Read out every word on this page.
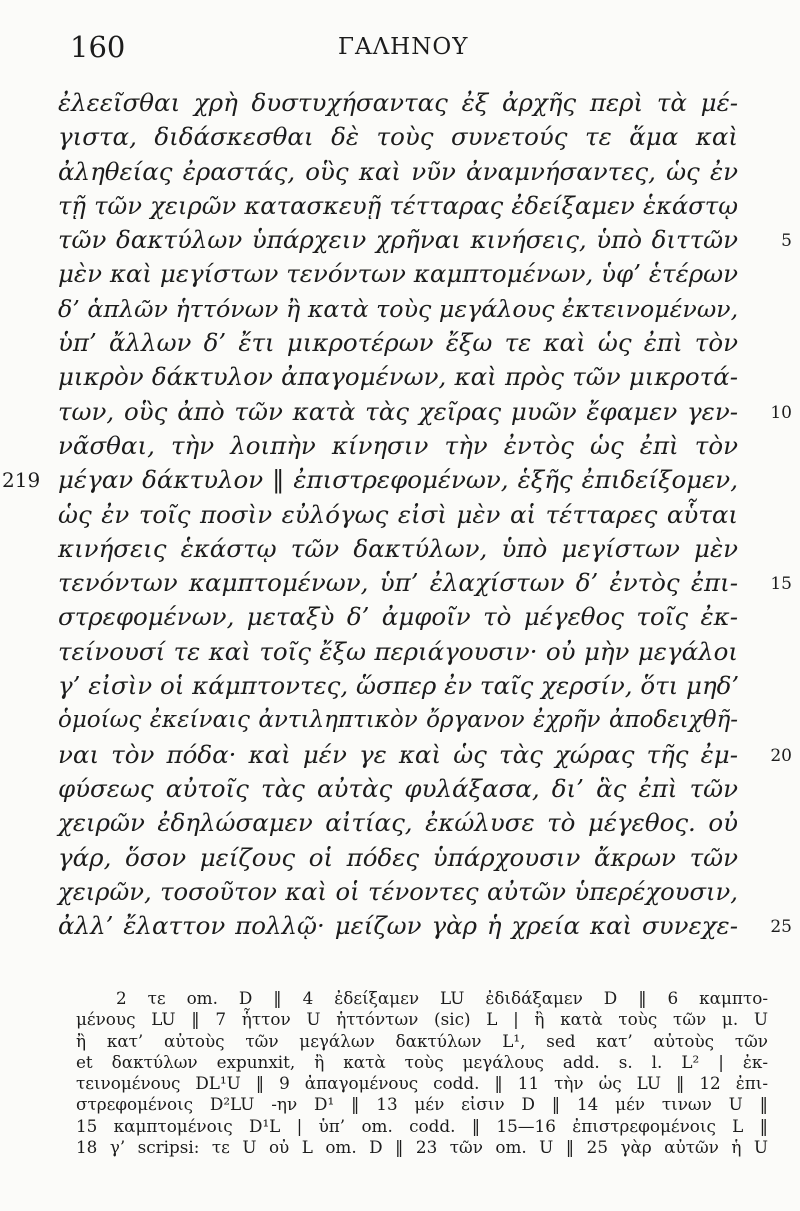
160	ΓΑΛΗΝΟΥ
ἐλεεῖσθαι χρὴ δυστυχήσαντας ἐξ ἀρχῆς περὶ τὰ μέ-
γιστα, διδάσκεσθαι δὲ τοὺς συνετούς τε ἅμα καὶ
ἀληθείας ἐραστάς, οὓς καὶ νῦν ἀναμνήσαντες, ὡς ἐν
τῇ τῶν χειρῶν κατασκευῇ τέτταρας ἐδείξαμεν ἑκάστῳ
τῶν δακτύλων ὑπάρχειν χρῆναι κινήσεις, ὑπὸ διττῶν	5
μὲν καὶ μεγίστων τενόντων καμπτομένων, ὑφ’ ἑτέρων
δ’ ἁπλῶν ἡττόνων ἢ κατὰ τοὺς μεγάλους ἐκτεινομένων,
ὑπ’ ἄλλων δ’ ἔτι μικροτέρων ἔξω τε καὶ ὡς ἐπὶ τὸν
μικρὸν δάκτυλον ἀπαγομένων, καὶ πρὸς τῶν μικροτά-
των, οὓς ἀπὸ τῶν κατὰ τὰς χεῖρας μυῶν ἔφαμεν γεν- 10
νᾶσθαι, τὴν λοιπὴν κίνησιν τὴν ἐντὸς ὡς ἐπὶ τὸν
μέγαν δάκτυλον ‖ ἐπιστρεφομένων, ἑξῆς ἐπιδείξομεν,
219
ὡς ἐν τοῖς ποσὶν εὐλόγως εἰσὶ μὲν αἱ τέτταρες αὗται
κινήσεις ἑκάστῳ τῶν δακτύλων, ὑπὸ μεγίστων μὲν
τενόντων καμπτομένων, ὑπ’ ἐλαχίστων δ’ ἐντὸς ἐπι- 15
στρεφομένων, μεταξὺ δ’ ἀμφοῖν τὸ μέγεθος τοῖς ἐκ-
τείνουσί τε καὶ τοῖς ἔξω περιάγουσιν· οὐ μὴν μεγάλοι
γ’ εἰσὶν οἱ κάμπτοντες, ὥσπερ ἐν ταῖς χερσίν, ὅτι μηδ’
ὁμοίως ἐκείναις ἀντιληπτικὸν ὄργανον ἐχρῆν ἀποδειχθῆ-
ναι τὸν πόδα· καὶ μέν γε καὶ ὡς τὰς χώρας τῆς ἐμ- 20
φύσεως αὐτοῖς τὰς αὐτὰς φυλάξασα, δι’ ἃς ἐπὶ τῶν
χειρῶν ἐδηλώσαμεν αἰτίας, ἐκώλυσε τὸ μέγεθος. οὐ
γάρ, ὅσον μείζους οἱ πόδες ὑπάρχουσιν ἄκρων τῶν
χειρῶν, τοσοῦτον καὶ οἱ τένοντες αὐτῶν ὑπερέχουσιν,
ἀλλ’ ἔλαττον πολλῷ· μείζων γὰρ ἡ χρεία καὶ συνεχε- 25
2 τε om. D ‖ 4 ἐδείξαμεν LU ἐδιδάξαμεν D ‖ 6 καμπτο-
μένους LU ‖ 7 ἧττον U ἡττόντων (sic) L | ἢ κατὰ τοὺς τῶν μ. U
ἢ κατ’ αὐτοὺς τῶν μεγάλων δακτύλων L¹, sed κατ’ αὐτοὺς τῶν
et δακτύλων expunxit, ἢ κατὰ τοὺς μεγάλους add. s. l. L² | ἐκ-
τεινομένους DL¹U ‖ 9 ἀπαγομένους codd. ‖ 11 τὴν ὡς LU ‖ 12 ἐπι-
στρεφομένοις D²LU -ην D¹ ‖ 13 μέν εἰσιν D ‖ 14 μέν τινων U ‖
15 καμπτομένοις D¹L | ὑπ’ om. codd. ‖ 15—16 ἐπιστρεφομένοις L ‖
18 γ’ scripsi: τε U οὐ L om. D ‖ 23 τῶν om. U ‖ 25 γὰρ αὐτῶν ἡ U
